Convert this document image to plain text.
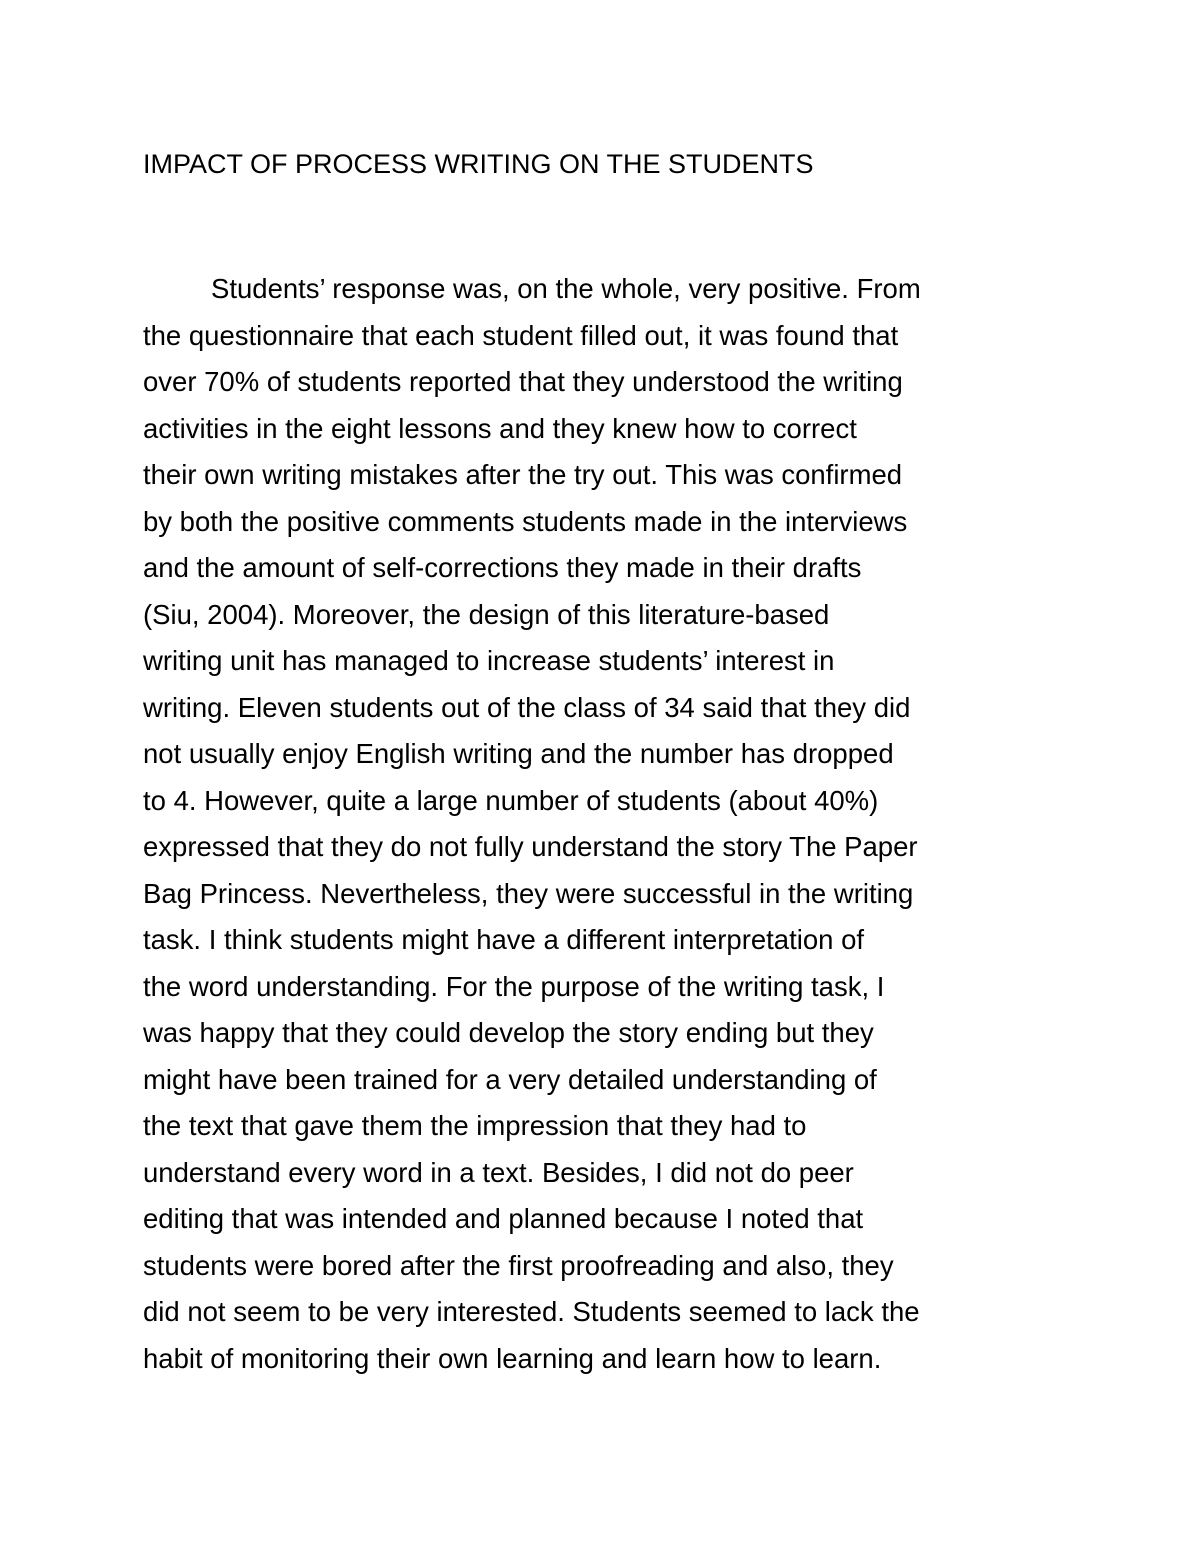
IMPACT OF PROCESS WRITING ON THE STUDENTS
Students’ response was, on the whole, very positive. From
the questionnaire that each student filled out, it was found that
over 70% of students reported that they understood the writing
activities in the eight lessons and they knew how to correct
their own writing mistakes after the try out. This was confirmed
by both the positive comments students made in the interviews
and the amount of self-corrections they made in their drafts
(Siu, 2004). Moreover, the design of this literature-based
writing unit has managed to increase students’ interest in
writing. Eleven students out of the class of 34 said that they did
not usually enjoy English writing and the number has dropped
to 4. However, quite a large number of students (about 40%)
expressed that they do not fully understand the story The Paper
Bag Princess. Nevertheless, they were successful in the writing
task. I think students might have a different interpretation of
the word understanding. For the purpose of the writing task, I
was happy that they could develop the story ending but they
might have been trained for a very detailed understanding of
the text that gave them the impression that they had to
understand every word in a text. Besides, I did not do peer
editing that was intended and planned because I noted that
students were bored after the first proofreading and also, they
did not seem to be very interested. Students seemed to lack the
habit of monitoring their own learning and learn how to learn.
